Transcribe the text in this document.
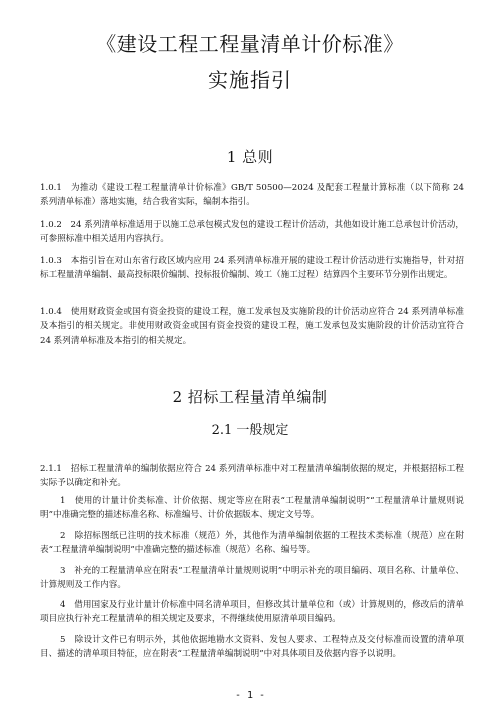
《建设工程工程量清单计价标准》
实施指引
1 总则

1.0.1　为推动《建设工程工程量清单计价标准》GB/T 50500—2024 及配套工程量计算标准（以下简称 24 系列清单标准）落地实施，结合我省实际，编制本指引。

1.0.2　24 系列清单标准适用于以施工总承包模式发包的建设工程计价活动，其他如设计施工总承包计价活动，可参照标准中相关适用内容执行。

1.0.3　本指引旨在对山东省行政区域内应用 24 系列清单标准开展的建设工程计价活动进行实施指导，针对招标工程量清单编制、最高投标限价编制、投标报价编制、竣工（施工过程）结算四个主要环节分别作出规定。

1.0.4　使用财政资金或国有资金投资的建设工程，施工发承包及实施阶段的计价活动应符合 24 系列清单标准及本指引的相关规定。非使用财政资金或国有资金投资的建设工程，施工发承包及实施阶段的计价活动宜符合 24 系列清单标准及本指引的相关规定。

2 招标工程量清单编制
2.1 一般规定

2.1.1　招标工程量清单的编制依据应符合 24 系列清单标准中对工程量清单编制依据的规定，并根据招标工程实际予以确定和补充。

1　使用的计量计价类标准、计价依据、规定等应在附表“工程量清单编制说明”“工程量清单计量规则说明”中准确完整的描述标准名称、标准编号、计价依据版本、规定文号等。

2　除招标图纸已注明的技术标准（规范）外，其他作为清单编制依据的工程技术类标准（规范）应在附表“工程量清单编制说明”中准确完整的描述标准（规范）名称、编号等。

3　补充的工程量清单应在附表“工程量清单计量规则说明”中明示补充的项目编码、项目名称、计量单位、计算规则及工作内容。

4　借用国家及行业计量计价标准中同名清单项目，但修改其计量单位和（或）计算规则的，修改后的清单项目应执行补充工程量清单的相关规定及要求，不得继续使用原清单项目编码。

5　除设计文件已有明示外，其他依据地勘水文资料、发包人要求、工程特点及交付标准而设置的清单项目、描述的清单项目特征，应在附表“工程量清单编制说明”中对具体项目及依据内容予以说明。

- 1 -
